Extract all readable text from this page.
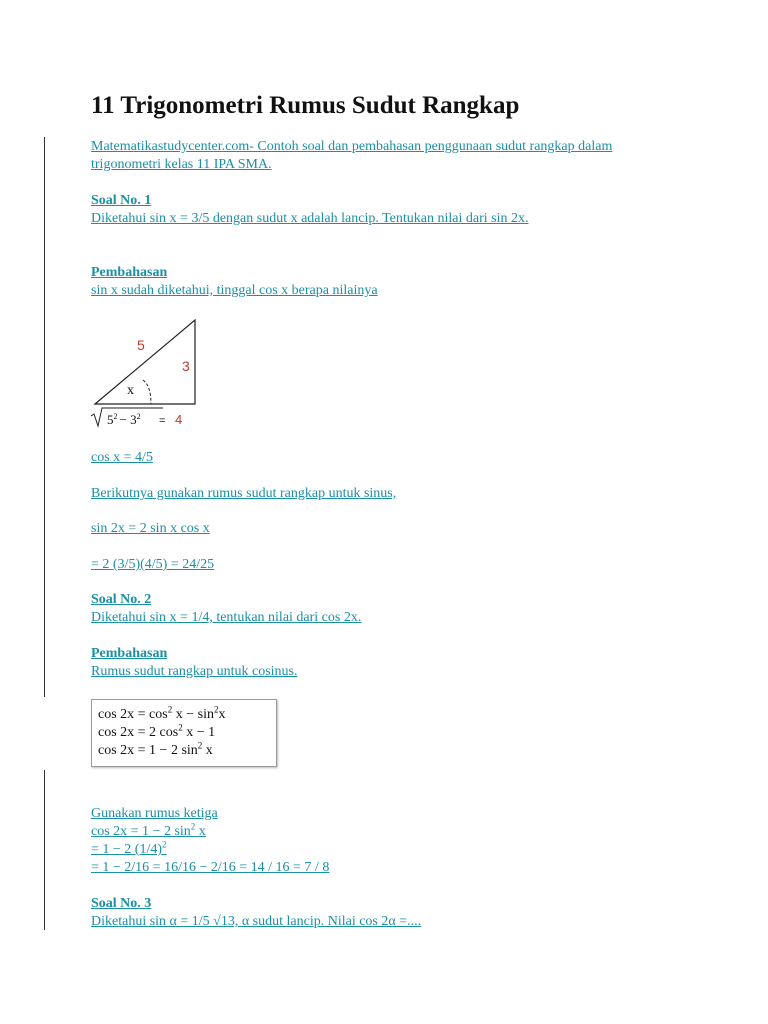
11 Trigonometri Rumus Sudut Rangkap
Matematikastudycenter.com- Contoh soal dan pembahasan penggunaan sudut rangkap dalam
trigonometri kelas 11 IPA SMA.
Soal No. 1
Diketahui sin x = 3/5 dengan sudut x adalah lancip. Tentukan nilai dari sin 2x.
Pembahasan
sin x sudah diketahui, tinggal cos x berapa nilainya
5
3
x
$5^2 - 3^2 = 4$
cos x = 4/5
Berikutnya gunakan rumus sudut rangkap untuk sinus,
sin 2x = 2 sin x cos x
= 2 (3/5)(4/5) = 24/25
Soal No. 2
Diketahui sin x = 1/4, tentukan nilai dari cos 2x.
Pembahasan
Rumus sudut rangkap untuk cosinus.
$\cos 2x = \cos^2 x - \sin^2x$
cos 2x = 2 $\cos^2 x - 1$
cos 2x = 1 − 2 $\sin^2 x$
Gunakan rumus ketiga
cos 2x = 1 − 2 $\sin^2 x$
= 1 − 2 $(1/4)^2$
= 1 − 2/16 = 16/16 − 2/16 = 14 / 16 = 7 / 8
Soal No. 3
Diketahui sin α = 1/5 √13, α sudut lancip. Nilai cos 2α =....
